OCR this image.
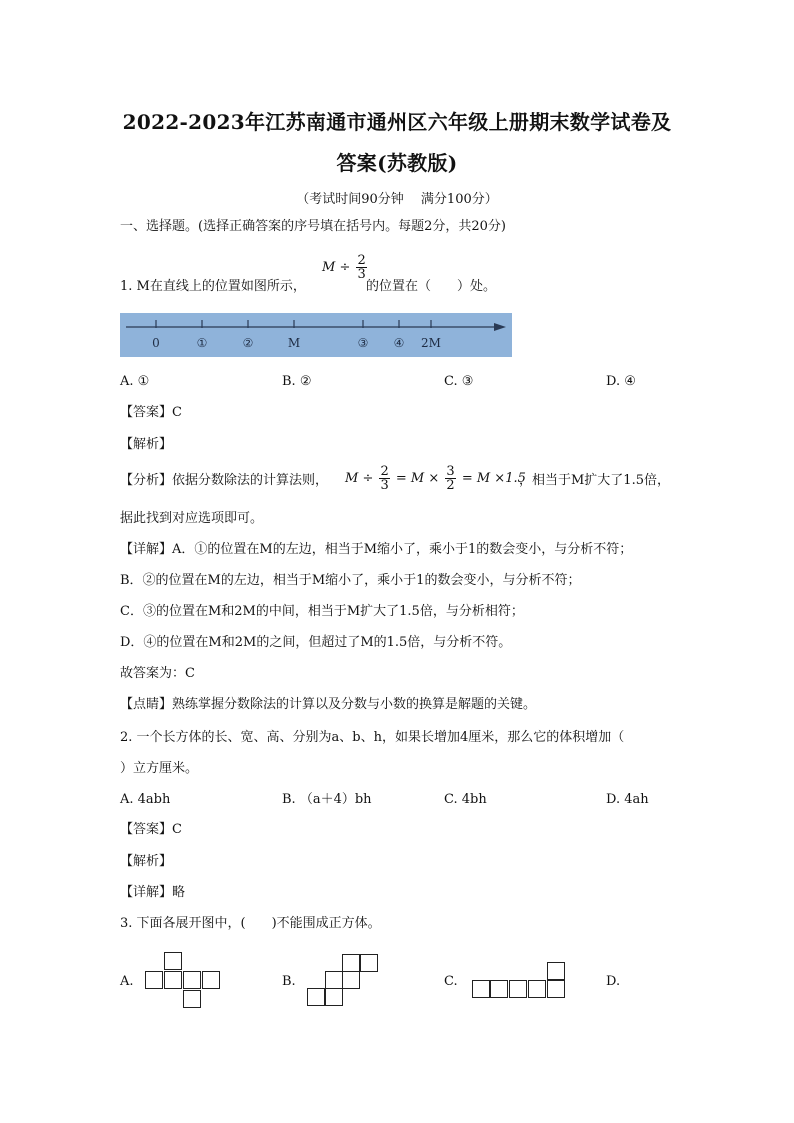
2022-2023年江苏南通市通州区六年级上册期末数学试卷及
答案(苏教版)
（考试时间90分钟　 满分100分）
一、选择题。(选择正确答案的序号填在括号内。每题2分，共20分)
1. M在直线上的位置如图所示，
$M \div \frac{2}{3}$
的位置在（　　）处。
0	①	②	M	③ ④ 2M
A. ①	B. ②	C. ③	D. ④
【答案】C
【解析】
【分析】依据分数除法的计算法则， $M \div \frac{2}{3} = M \times \frac{3}{2} = M \times 1.5$
，相当于M扩大了1.5倍，
据此找到对应选项即可。
【详解】A．①的位置在M的左边，相当于M缩小了，乘小于1的数会变小，与分析不符；
B．②的位置在M的左边，相当于M缩小了，乘小于1的数会变小，与分析不符；
C．③的位置在M和2M的中间，相当于M扩大了1.5倍，与分析相符；
D．④的位置在M和2M的之间，但超过了M的1.5倍，与分析不符。
故答案为：C
【点睛】熟练掌握分数除法的计算以及分数与小数的换算是解题的关键。
2. 一个长方体的长、宽、高、分别为a、b、h，如果长增加4厘米，那么它的体积增加（
）立方厘米。
A. 4abh	B. （a＋4）bh	C. 4bh	D. 4ah
【答案】C
【解析】
【详解】略
3. 下面各展开图中，(　　)不能围成正方体。
A.	B.	C.	D.
